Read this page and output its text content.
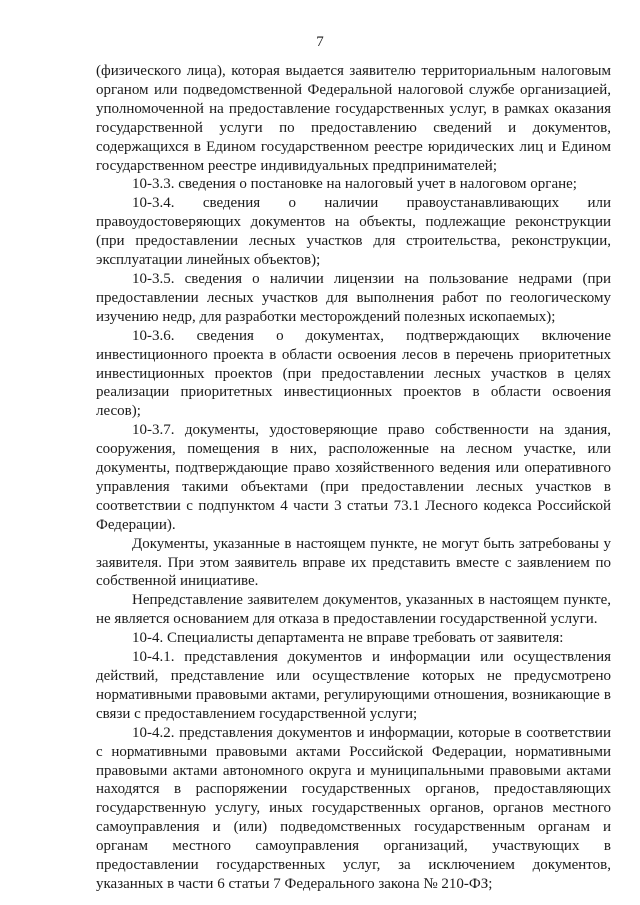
7

(физического лица), которая выдается заявителю территориальным налоговым органом или подведомственной Федеральной налоговой службе организацией, уполномоченной на предоставление государственных услуг, в рамках оказания государственной услуги по предоставлению сведений и документов, содержащихся в Едином государственном реестре юридических лиц и Едином государственном реестре индивидуальных предпринимателей;

10-3.3. сведения о постановке на налоговый учет в налоговом органе;

10-3.4. сведения о наличии правоустанавливающих или правоудостоверяющих документов на объекты, подлежащие реконструкции (при предоставлении лесных участков для строительства, реконструкции, эксплуатации линейных объектов);

10-3.5. сведения о наличии лицензии на пользование недрами (при предоставлении лесных участков для выполнения работ по геологическому изучению недр, для разработки месторождений полезных ископаемых);

10-3.6. сведения о документах, подтверждающих включение инвестиционного проекта в области освоения лесов в перечень приоритетных инвестиционных проектов (при предоставлении лесных участков в целях реализации приоритетных инвестиционных проектов в области освоения лесов);

10-3.7. документы, удостоверяющие право собственности на здания, сооружения, помещения в них, расположенные на лесном участке, или документы, подтверждающие право хозяйственного ведения или оперативного управления такими объектами (при предоставлении лесных участков в соответствии с подпунктом 4 части 3 статьи 73.1 Лесного кодекса Российской Федерации).

Документы, указанные в настоящем пункте, не могут быть затребованы у заявителя. При этом заявитель вправе их представить вместе с заявлением по собственной инициативе.

Непредставление заявителем документов, указанных в настоящем пункте, не является основанием для отказа в предоставлении государственной услуги.

10-4. Специалисты департамента не вправе требовать от заявителя:

10-4.1. представления документов и информации или осуществления действий, представление или осуществление которых не предусмотрено нормативными правовыми актами, регулирующими отношения, возникающие в связи с предоставлением государственной услуги;

10-4.2. представления документов и информации, которые в соответствии с нормативными правовыми актами Российской Федерации, нормативными правовыми актами автономного округа и муниципальными правовыми актами находятся в распоряжении государственных органов, предоставляющих государственную услугу, иных государственных органов, органов местного самоуправления и (или) подведомственных государственным органам и органам местного самоуправления организаций, участвующих в предоставлении государственных услуг, за исключением документов, указанных в части 6 статьи 7 Федерального закона № 210-ФЗ;
